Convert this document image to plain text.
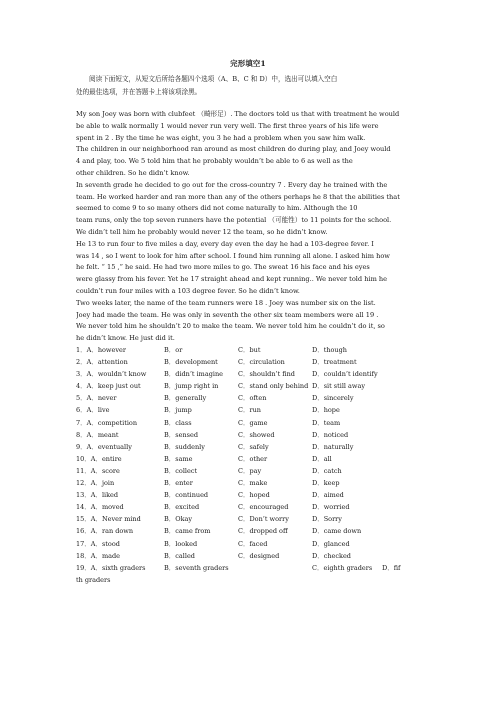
完形填空1
阅读下面短文，从短文后所给各题四个选项（A、B、C 和 D）中，选出可以填入空白
处的最佳选项，并在答题卡上将该项涂黑。
My son Joey was born with clubfeet （畸形足）. The doctors told us that with treatment he would
be able to walk normally 1 would never run very well. The first three years of his life were
spent in 2 . By the time he was eight, you 3 he had a problem when you saw him walk.
The children in our neighborhood ran around as most children do during play, and Joey would
4 and play, too. We 5 told him that he probably wouldn’t be able to 6 as well as the
other children. So he didn’t know.
In seventh grade he decided to go out for the cross-country 7 . Every day he trained with the
team. He worked harder and ran more than any of the others perhaps he 8 that the abilities that
seemed to come 9 to so many others did not come naturally to him. Although the 10
team runs, only the top seven runners have the potential （可能性）to 11 points for the school.
We didn’t tell him he probably would never 12 the team, so he didn’t know.
He 13 to run four to five miles a day, every day even the day he had a 103-degree fever. I
was 14 , so I went to look for him after school. I found him running all alone. I asked him how
he felt. “ 15 ,” he said. He had two more miles to go. The sweat 16 his face and his eyes
were glassy from his fever. Yet he 17 straight ahead and kept running.. We never told him he
couldn’t run four miles with a 103 degree fever. So he didn’t know.
Two weeks later, the name of the team runners were 18 . Joey was number six on the list.
Joey had made the team. He was only in seventh the other six team members were all 19 .
We never told him he shouldn’t 20 to make the team. We never told him he couldn’t do it, so
he didn’t know. He just did it.
1．A．however	B．or	C．but	D．though
2．A．attention	B．development	C．circulation	D．treatment
3．A．wouldn’t know	B．didn’t imagine C．shouldn’t find	D．couldn’t identify
4．A．keep just out	B．jump right in	C．stand only behind D．sit still away
5．A．never	B．generally	C．often	D．sincerely
6．A．live	B．jump	C．run	D．hope
7．A．competition	B．class	C．game	D．team
8．A．meant	B．sensed	C．showed	D．noticed
9．A．eventually	B．suddenly	C．safely	D．naturally
10．A．entire	B．same	C．other	D．all
11．A．score	B．collect	C．pay	D．catch
12．A．join	B．enter	C．make	D．keep
13．A．liked	B．continued	C．hoped	D．aimed
14．A．moved	B．excited	C．encouraged	D．worried
15．A．Never mind	B．Okay	C．Don’t worry	D．Sorry
16．A．ran down	B．came from	C．dropped off	D．came down
17．A．stood	B．looked	C．faced	D．glanced
18．A．made	B．called	C．designed	D．checked
19．A．sixth graders	B．seventh graders	C．eighth graders D．fif
th graders
